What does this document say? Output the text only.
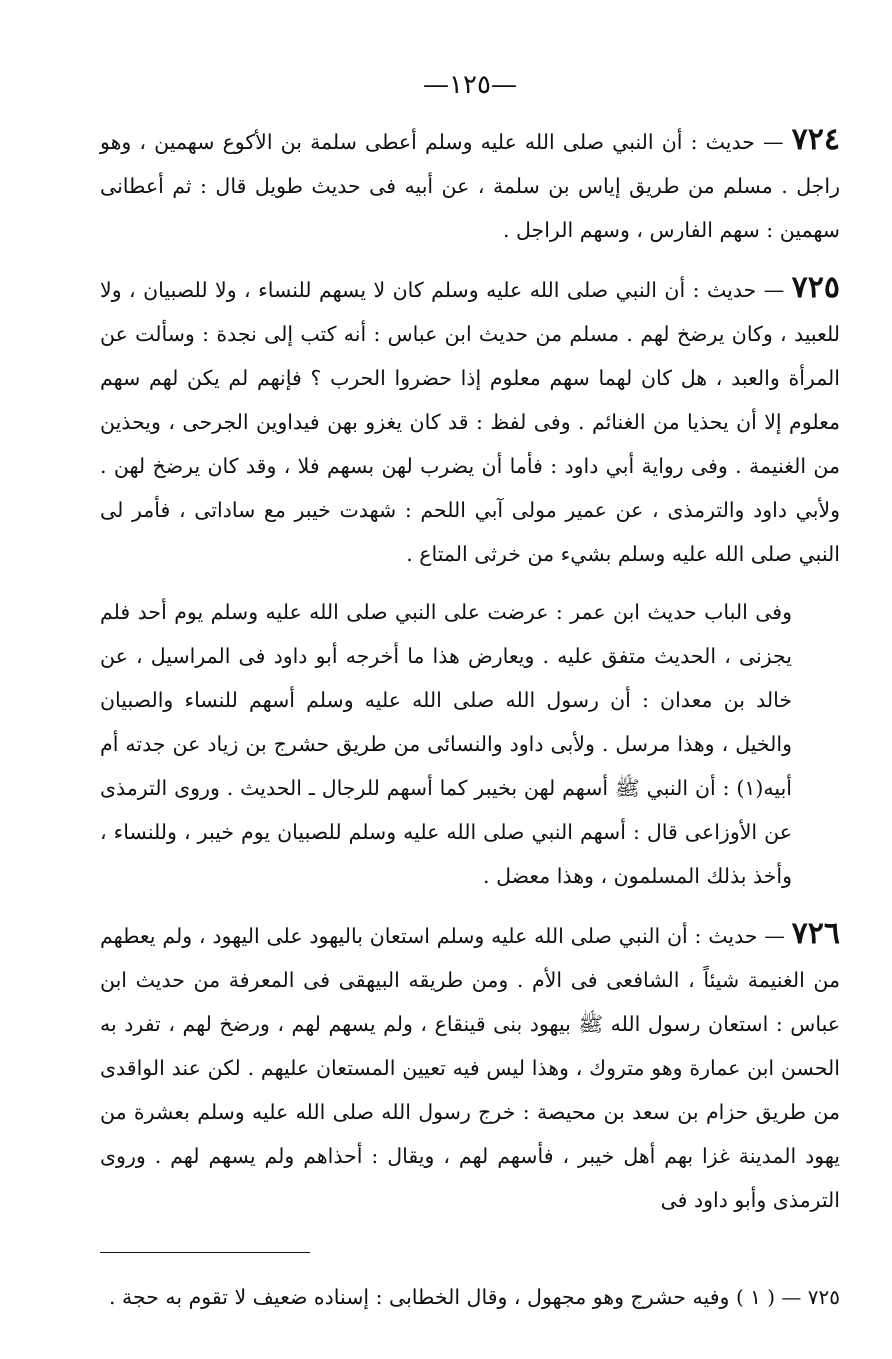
—١٢٥—

٧٢٤ — حديث : أن النبي صلى الله عليه وسلم أعطى سلمة بن الأكوع سهمين ، وهو راجل . مسلم من طريق إياس بن سلمة ، عن أبيه فى حديث طويل قال : ثم أعطانى سهمين : سهم الفارس ، وسهم الراجل .

٧٢٥ — حديث : أن النبي صلى الله عليه وسلم كان لا يسهم للنساء ، ولا للصبيان ، ولا للعبيد ، وكان يرضخ لهم . مسلم من حديث ابن عباس : أنه كتب إلى نجدة : وسألت عن المرأة والعبد ، هل كان لهما سهم معلوم إذا حضروا الحرب ؟ فإنهم لم يكن لهم سهم معلوم إلا أن يحذيا من الغنائم . وفى لفظ : قد كان يغزو بهن فيداوين الجرحى ، ويحذين من الغنيمة . وفى رواية أبي داود : فأما أن يضرب لهن بسهم فلا ، وقد كان يرضخ لهن . ولأبي داود والترمذى ، عن عمير مولى آبي اللحم : شهدت خيبر مع ساداتى ، فأمر لى النبي صلى الله عليه وسلم بشيء من خرثى المتاع .

وفى الباب حديث ابن عمر : عرضت على النبي صلى الله عليه وسلم يوم أحد فلم يجزنى ، الحديث متفق عليه . ويعارض هذا ما أخرجه أبو داود فى المراسيل ، عن خالد بن معدان : أن رسول الله صلى الله عليه وسلم أسهم للنساء والصبيان والخيل ، وهذا مرسل . ولأبى داود والنسائى من طريق حشرج بن زياد عن جدته أم أبيه(١) : أن النبي ﷺ أسهم لهن بخيبر كما أسهم للرجال ـ الحديث . وروى الترمذى عن الأوزاعى قال : أسهم النبي صلى الله عليه وسلم للصبيان يوم خيبر ، وللنساء ، وأخذ بذلك المسلمون ، وهذا معضل .

٧٢٦ — حديث : أن النبي صلى الله عليه وسلم استعان باليهود على اليهود ، ولم يعطهم من الغنيمة شيئاً ، الشافعى فى الأم . ومن طريقه البيهقى فى المعرفة من حديث ابن عباس : استعان رسول الله ﷺ بيهود بنى قينقاع ، ولم يسهم لهم ، ورضخ لهم ، تفرد به الحسن ابن عمارة وهو متروك ، وهذا ليس فيه تعيين المستعان عليهم . لكن عند الواقدى من طريق حزام بن سعد بن محيصة : خرج رسول الله صلى الله عليه وسلم بعشرة من يهود المدينة غزا بهم أهل خيبر ، فأسهم لهم ، ويقال : أحذاهم ولم يسهم لهم . وروى الترمذى وأبو داود فى

٧٢٥ — ( ١ ) وفيه حشرج وهو مجهول ، وقال الخطابى : إسناده ضعيف لا تقوم به حجة .
